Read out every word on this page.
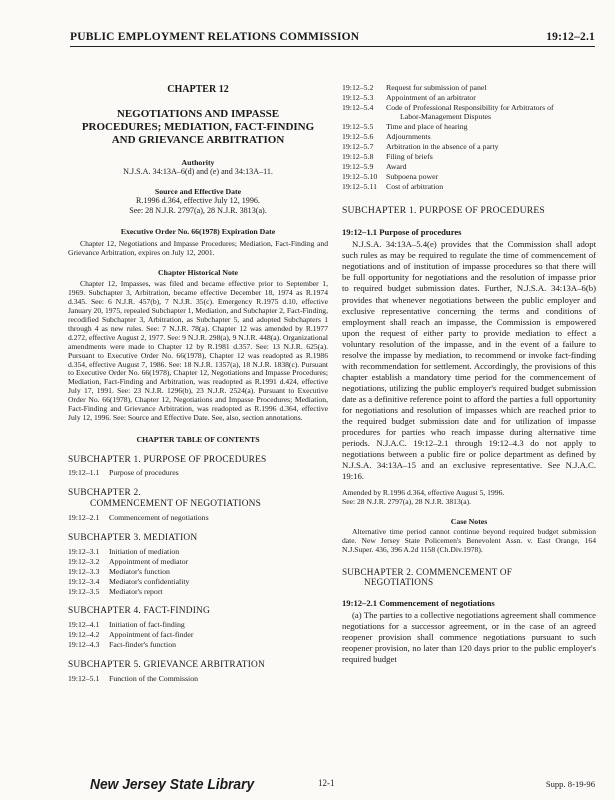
PUBLIC EMPLOYMENT RELATIONS COMMISSION	19:12–2.1
CHAPTER 12
NEGOTIATIONS AND IMPASSE PROCEDURES; MEDIATION, FACT-FINDING AND GRIEVANCE ARBITRATION
Authority
N.J.S.A. 34:13A–6(d) and (e) and 34:13A–11.
Source and Effective Date
R.1996 d.364, effective July 12, 1996.
See: 28 N.J.R. 2797(a), 28 N.J.R. 3813(a).
Executive Order No. 66(1978) Expiration Date

Chapter 12, Negotiations and Impasse Procedures; Mediation, Fact-Finding and Grievance Arbitration, expires on July 12, 2001.

Chapter Historical Note

Chapter 12, Impasses, was filed and became effective prior to September 1, 1969. Subchapter 3, Arbitration, became effective December 18, 1974 as R.1974 d.345. See: 6 N.J.R. 457(b), 7 N.J.R. 35(c). Emergency R.1975 d.10, effective January 20, 1975, repealed Subchapter 1, Mediation, and Subchapter 2, Fact-Finding, recodified Subchapter 3, Arbitration, as Subchapter 5, and adopted Subchapters 1 through 4 as new rules. See: 7 N.J.R. 78(a). Chapter 12 was amended by R.1977 d.272, effective August 2, 1977. See: 9 N.J.R. 298(a), 9 N.J.R. 448(a). Organizational amendments were made to Chapter 12 by R.1981 d.357. See: 13 N.J.R. 625(a). Pursuant to Executive Order No. 66(1978), Chapter 12 was readopted as R.1986 d.354, effective August 7, 1986. See: 18 N.J.R. 1357(a), 18 N.J.R. 1838(c). Pursuant to Executive Order No. 66(1978), Chapter 12, Negotiations and Impasse Procedures; Mediation, Fact-Finding and Arbitration, was readopted as R.1991 d.424, effective July 17, 1991. See: 23 N.J.R. 1296(b), 23 N.J.R. 2524(a). Pursuant to Executive Order No. 66(1978), Chapter 12, Negotiations and Impasse Procedures; Mediation, Fact-Finding and Grievance Arbitration, was readopted as R.1996 d.364, effective July 12, 1996. See: Source and Effective Date. See, also, section annotations.

CHAPTER TABLE OF CONTENTS
SUBCHAPTER 1. PURPOSE OF PROCEDURES
19:12–1.1	Purpose of procedures
SUBCHAPTER 2.
COMMENCEMENT OF NEGOTIATIONS
19:12–2.1	Commencement of negotiations
SUBCHAPTER 3. MEDIATION
19:12–3.1	Initiation of mediation
19:12–3.2	Appointment of mediator
19:12–3.3	Mediator's function
19:12–3.4	Mediator's confidentiality
19:12–3.5	Mediator's report
SUBCHAPTER 4. FACT-FINDING
19:12–4.1	Initiation of fact-finding
19:12–4.2	Appointment of fact-finder
19:12–4.3	Fact-finder's function
SUBCHAPTER 5. GRIEVANCE ARBITRATION
19:12–5.1	Function of the Commission
19:12–5.2	Request for submission of panel
19:12–5.3	Appointment of an arbitrator
19:12–5.4	Code of Professional Responsibility for Arbitrators of
Labor-Management Disputes
19:12–5.5	Time and place of hearing
19:12–5.6	Adjournments
19:12–5.7	Arbitration in the absence of a party
19:12–5.8	Filing of briefs
19:12–5.9	Award
19:12–5.10	Subpoena power
19:12–5.11	Cost of arbitration
SUBCHAPTER 1. PURPOSE OF PROCEDURES
19:12–1.1 Purpose of procedures

N.J.S.A. 34:13A–5.4(e) provides that the Commission shall adopt such rules as may be required to regulate the time of commencement of negotiations and of institution of impasse procedures so that there will be full opportunity for negotiations and the resolution of impasse prior to required budget submission dates. Further, N.J.S.A. 34:13A–6(b) provides that whenever negotiations between the public employer and exclusive representative concerning the terms and conditions of employment shall reach an impasse, the Commission is empowered upon the request of either party to provide mediation to effect a voluntary resolution of the impasse, and in the event of a failure to resolve the impasse by mediation, to recommend or invoke fact-finding with recommendation for settlement. Accordingly, the provisions of this chapter establish a mandatory time period for the commencement of negotiations, utilizing the public employer's required budget submission date as a definitive reference point to afford the parties a full opportunity for negotiations and resolution of impasses which are reached prior to the required budget submission date and for utilization of impasse procedures for parties who reach impasse during alternative time periods. N.J.A.C. 19:12–2.1 through 19:12–4.3 do not apply to negotiations between a public fire or police department as defined by N.J.S.A. 34:13A–15 and an exclusive representative. See N.J.A.C. 19:16.

Amended by R.1996 d.364, effective August 5, 1996.
See: 28 N.J.R. 2797(a), 28 N.J.R. 3813(a).
Case Notes

Alternative time period cannot continue beyond required budget submission date. New Jersey State Policemen's Benevolent Assn. v. East Orange, 164 N.J.Super. 436, 396 A.2d 1158 (Ch.Div.1978).

SUBCHAPTER 2. COMMENCEMENT OF
NEGOTIATIONS
19:12–2.1 Commencement of negotiations

(a) The parties to a collective negotiations agreement shall commence negotiations for a successor agreement, or in the case of an agreed reopener provision shall commence negotiations pursuant to such reopener provision, no later than 120 days prior to the public employer's required budget

New Jersey State Library	12-1	Supp. 8-19-96
